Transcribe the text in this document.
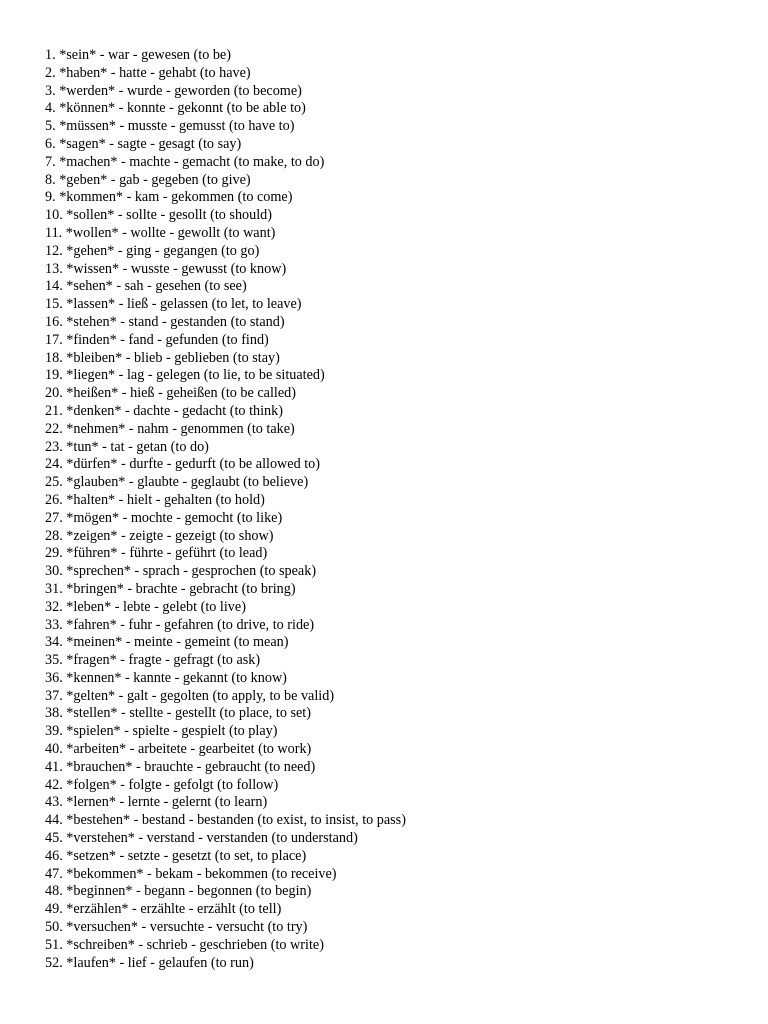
1. *sein* - war - gewesen (to be)
2. *haben* - hatte - gehabt (to have)
3. *werden* - wurde - geworden (to become)
4. *können* - konnte - gekonnt (to be able to)
5. *müssen* - musste - gemusst (to have to)
6. *sagen* - sagte - gesagt (to say)
7. *machen* - machte - gemacht (to make, to do)
8. *geben* - gab - gegeben (to give)
9. *kommen* - kam - gekommen (to come)
10. *sollen* - sollte - gesollt (to should)
11. *wollen* - wollte - gewollt (to want)
12. *gehen* - ging - gegangen (to go)
13. *wissen* - wusste - gewusst (to know)
14. *sehen* - sah - gesehen (to see)
15. *lassen* - ließ - gelassen (to let, to leave)
16. *stehen* - stand - gestanden (to stand)
17. *finden* - fand - gefunden (to find)
18. *bleiben* - blieb - geblieben (to stay)
19. *liegen* - lag - gelegen (to lie, to be situated)
20. *heißen* - hieß - geheißen (to be called)
21. *denken* - dachte - gedacht (to think)
22. *nehmen* - nahm - genommen (to take)
23. *tun* - tat - getan (to do)
24. *dürfen* - durfte - gedurft (to be allowed to)
25. *glauben* - glaubte - geglaubt (to believe)
26. *halten* - hielt - gehalten (to hold)
27. *mögen* - mochte - gemocht (to like)
28. *zeigen* - zeigte - gezeigt (to show)
29. *führen* - führte - geführt (to lead)
30. *sprechen* - sprach - gesprochen (to speak)
31. *bringen* - brachte - gebracht (to bring)
32. *leben* - lebte - gelebt (to live)
33. *fahren* - fuhr - gefahren (to drive, to ride)
34. *meinen* - meinte - gemeint (to mean)
35. *fragen* - fragte - gefragt (to ask)
36. *kennen* - kannte - gekannt (to know)
37. *gelten* - galt - gegolten (to apply, to be valid)
38. *stellen* - stellte - gestellt (to place, to set)
39. *spielen* - spielte - gespielt (to play)
40. *arbeiten* - arbeitete - gearbeitet (to work)
41. *brauchen* - brauchte - gebraucht (to need)
42. *folgen* - folgte - gefolgt (to follow)
43. *lernen* - lernte - gelernt (to learn)
44. *bestehen* - bestand - bestanden (to exist, to insist, to pass)
45. *verstehen* - verstand - verstanden (to understand)
46. *setzen* - setzte - gesetzt (to set, to place)
47. *bekommen* - bekam - bekommen (to receive)
48. *beginnen* - begann - begonnen (to begin)
49. *erzählen* - erzählte - erzählt (to tell)
50. *versuchen* - versuchte - versucht (to try)
51. *schreiben* - schrieb - geschrieben (to write)
52. *laufen* - lief - gelaufen (to run)
